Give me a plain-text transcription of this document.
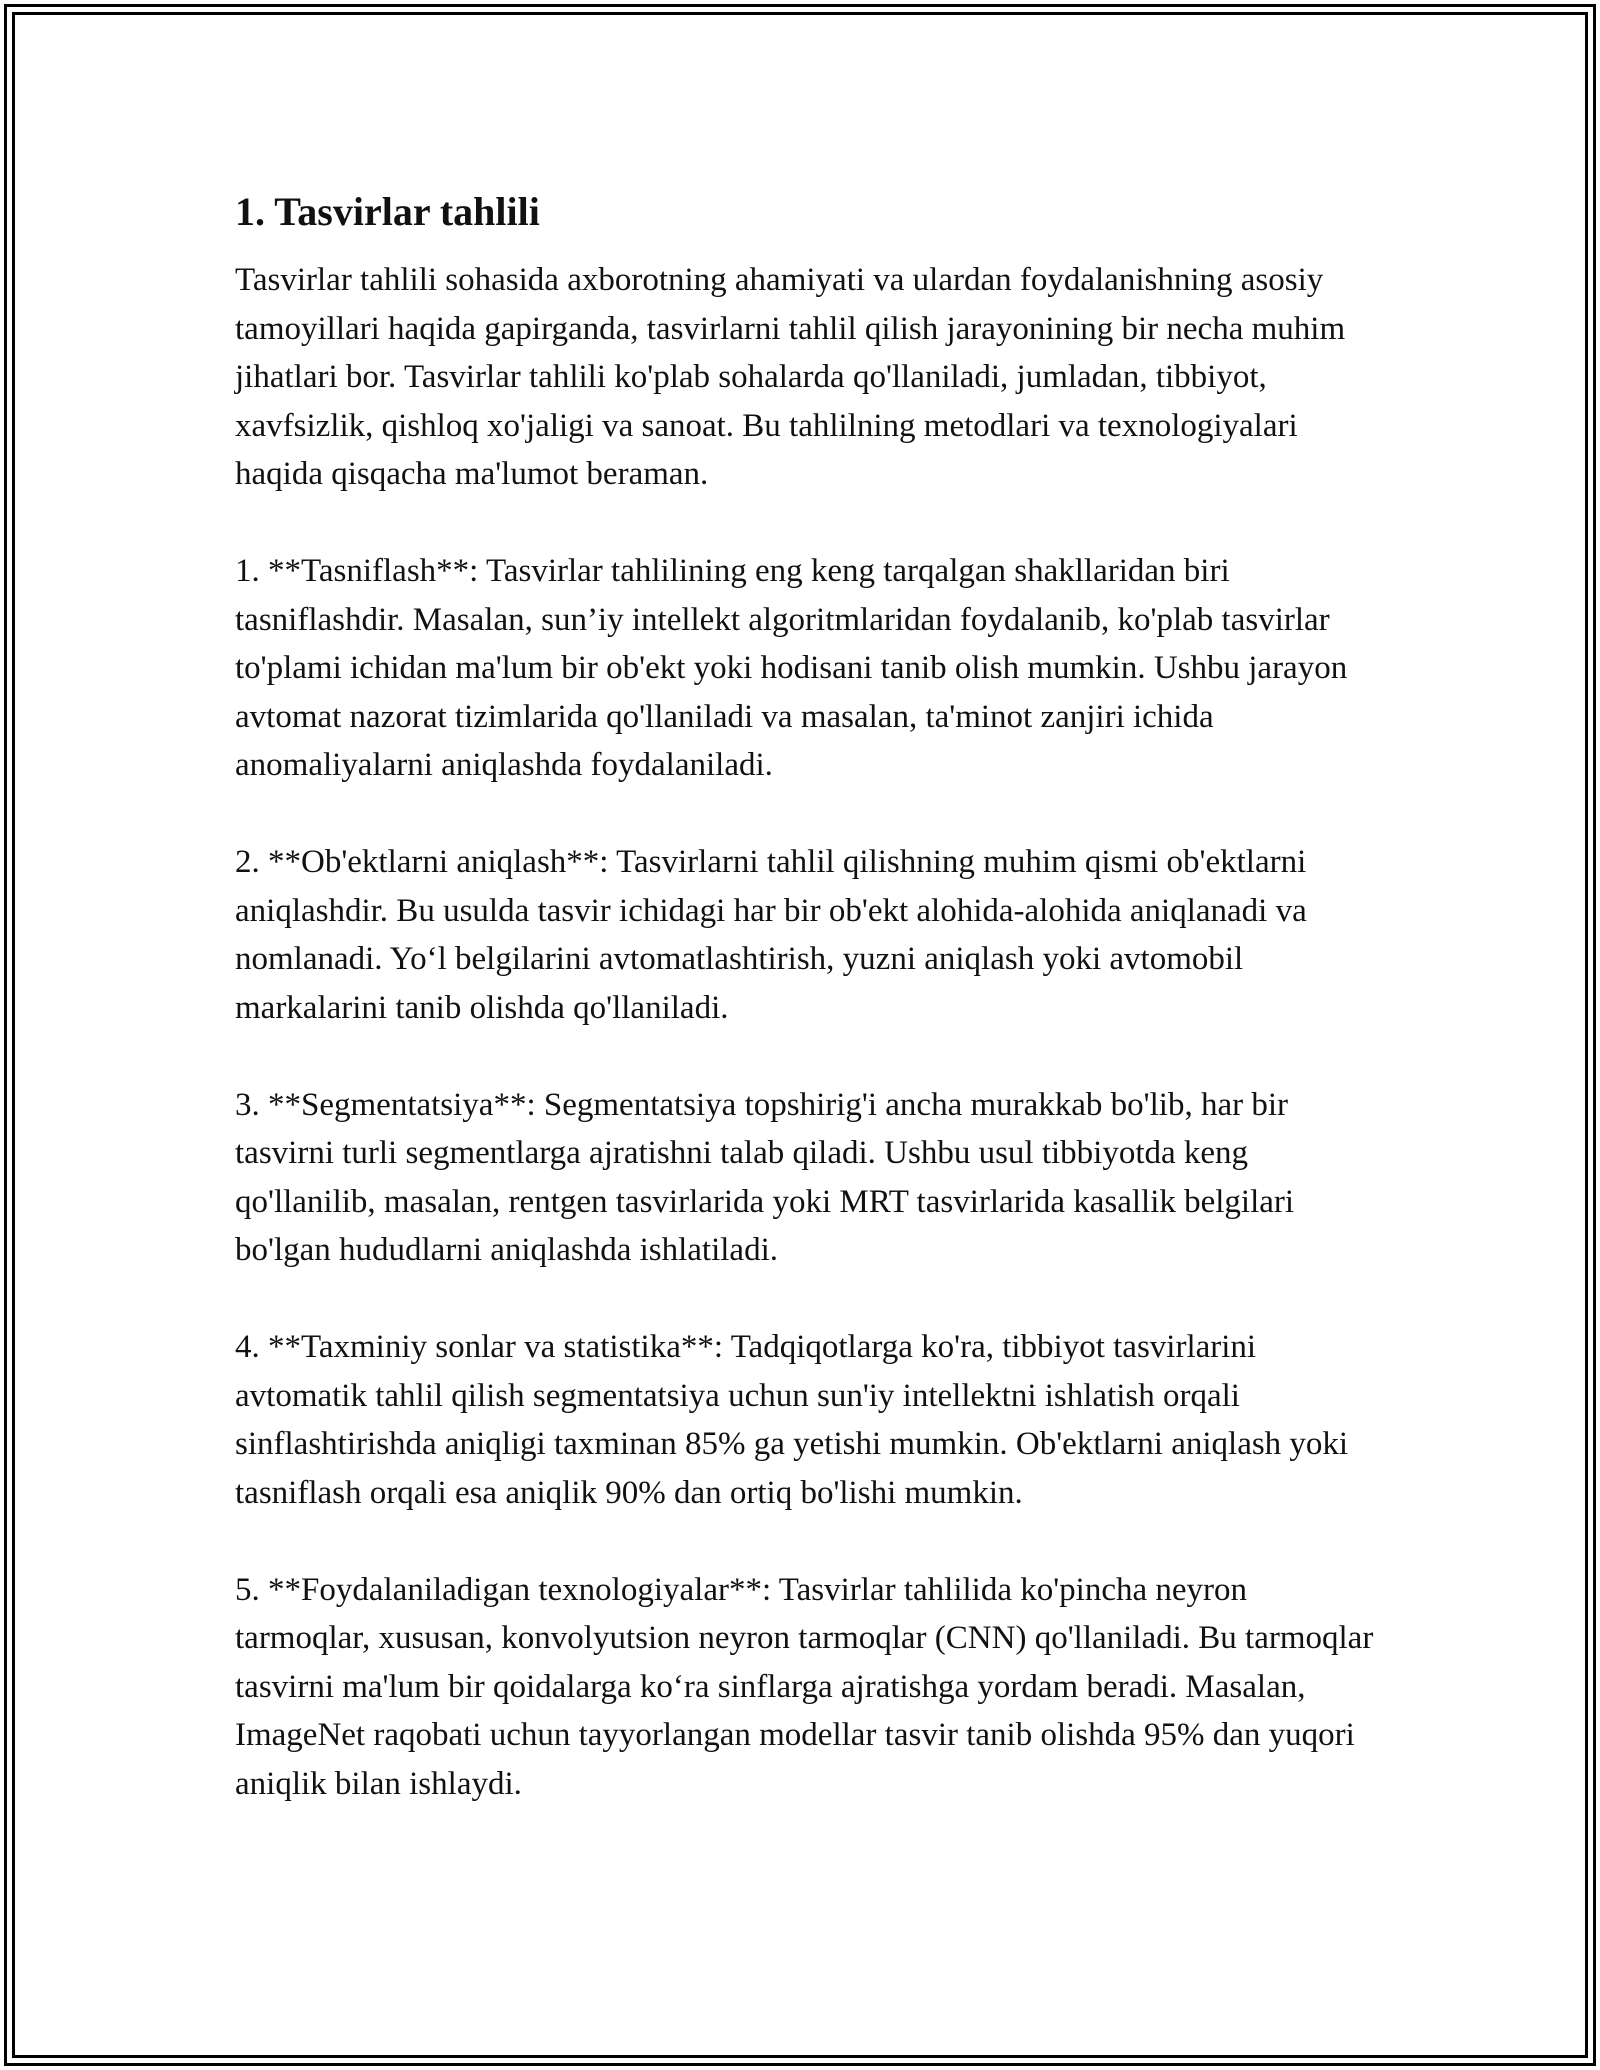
1. Tasvirlar tahlili

Tasvirlar tahlili sohasida axborotning ahamiyati va ulardan foydalanishning asosiy tamoyillari haqida gapirganda, tasvirlarni tahlil qilish jarayonining bir necha muhim jihatlari bor. Tasvirlar tahlili ko'plab sohalarda qo'llaniladi, jumladan, tibbiyot, xavfsizlik, qishloq xo'jaligi va sanoat. Bu tahlilning metodlari va texnologiyalari haqida qisqacha ma'lumot beraman.

1. **Tasniflash**: Tasvirlar tahlilining eng keng tarqalgan shakllaridan biri tasniflashdir. Masalan, sun’iy intellekt algoritmlaridan foydalanib, ko'plab tasvirlar to'plami ichidan ma'lum bir ob'ekt yoki hodisani tanib olish mumkin. Ushbu jarayon avtomat nazorat tizimlarida qo'llaniladi va masalan, ta'minot zanjiri ichida anomaliyalarni aniqlashda foydalaniladi.

2. **Ob'ektlarni aniqlash**: Tasvirlarni tahlil qilishning muhim qismi ob'ektlarni aniqlashdir. Bu usulda tasvir ichidagi har bir ob'ekt alohida-alohida aniqlanadi va nomlanadi. Yo‘l belgilarini avtomatlashtirish, yuzni aniqlash yoki avtomobil markalarini tanib olishda qo'llaniladi.

3. **Segmentatsiya**: Segmentatsiya topshirig'i ancha murakkab bo'lib, har bir tasvirni turli segmentlarga ajratishni talab qiladi. Ushbu usul tibbiyotda keng qo'llanilib, masalan, rentgen tasvirlarida yoki MRT tasvirlarida kasallik belgilari bo'lgan hududlarni aniqlashda ishlatiladi.

4. **Taxminiy sonlar va statistika**: Tadqiqotlarga ko'ra, tibbiyot tasvirlarini avtomatik tahlil qilish segmentatsiya uchun sun'iy intellektni ishlatish orqali sinflashtirishda aniqligi taxminan 85% ga yetishi mumkin. Ob'ektlarni aniqlash yoki tasniflash orqali esa aniqlik 90% dan ortiq bo'lishi mumkin.

5. **Foydalaniladigan texnologiyalar**: Tasvirlar tahlilida ko'pincha neyron tarmoqlar, xususan, konvolyutsion neyron tarmoqlar (CNN) qo'llaniladi. Bu tarmoqlar tasvirni ma'lum bir qoidalarga ko‘ra sinflarga ajratishga yordam beradi. Masalan, ImageNet raqobati uchun tayyorlangan modellar tasvir tanib olishda 95% dan yuqori aniqlik bilan ishlaydi.
